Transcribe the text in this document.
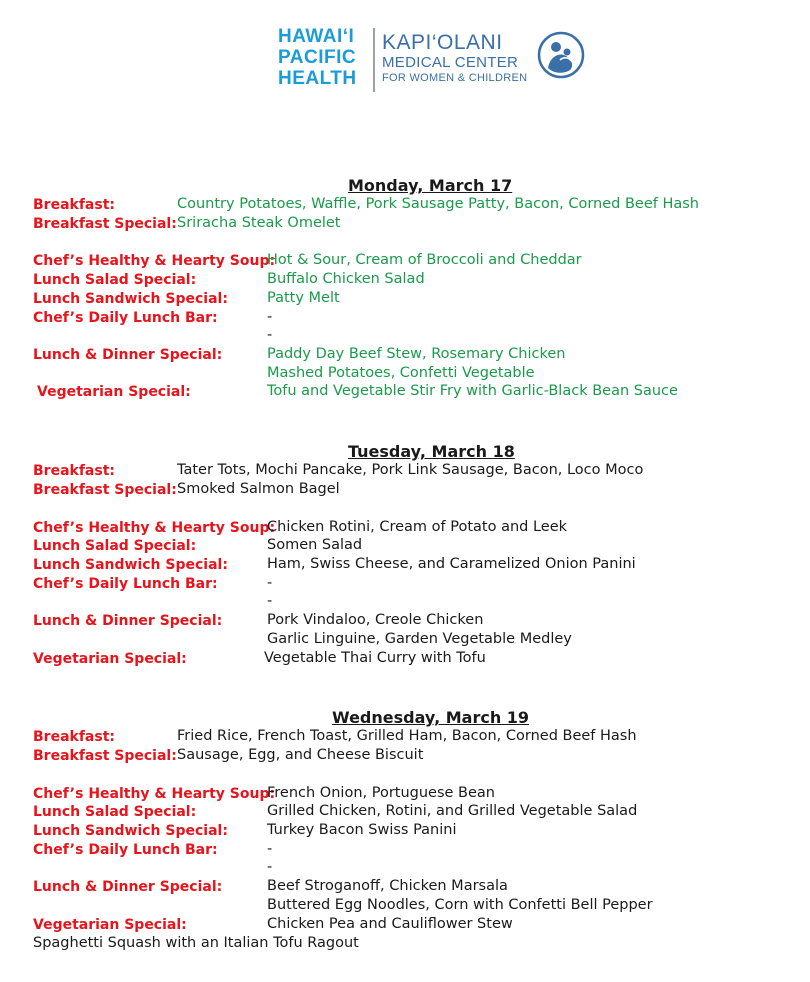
HAWAI‘I
PACIFIC
HEALTH
KAPI‘OLANI
MEDICAL CENTER
FOR WOMEN & CHILDREN
Monday, March 17
Breakfast:	Country Potatoes, Waffle, Pork Sausage Patty, Bacon, Corned Beef Hash
Breakfast Special: Sriracha Steak Omelet
Chef’s Healthy & Hearty Soup:
Hot & Sour, Cream of Broccoli and Cheddar
Lunch Salad Special:	Buffalo Chicken Salad
Lunch Sandwich Special:	Patty Melt
Chef’s Daily Lunch Bar:	-
-
Lunch & Dinner Special:	Paddy Day Beef Stew, Rosemary Chicken
Mashed Potatoes, Confetti Vegetable
Vegetarian Special:	Tofu and Vegetable Stir Fry with Garlic-Black Bean Sauce
Tuesday, March 18
Breakfast:	Tater Tots, Mochi Pancake, Pork Link Sausage, Bacon, Loco Moco
Breakfast Special: Smoked Salmon Bagel
Chef’s Healthy & Hearty Soup:
Chicken Rotini, Cream of Potato and Leek
Lunch Salad Special:	Somen Salad
Lunch Sandwich Special:	Ham, Swiss Cheese, and Caramelized Onion Panini
Chef’s Daily Lunch Bar:	-
-
Lunch & Dinner Special:	Pork Vindaloo, Creole Chicken
Garlic Linguine, Garden Vegetable Medley
Vegetarian Special:	Vegetable Thai Curry with Tofu
Wednesday, March 19
Breakfast:	Fried Rice, French Toast, Grilled Ham, Bacon, Corned Beef Hash
Breakfast Special: Sausage, Egg, and Cheese Biscuit
Chef’s Healthy & Hearty Soup:
French Onion, Portuguese Bean
Lunch Salad Special:	Grilled Chicken, Rotini, and Grilled Vegetable Salad
Lunch Sandwich Special:	Turkey Bacon Swiss Panini
Chef’s Daily Lunch Bar:	-
-
Lunch & Dinner Special:	Beef Stroganoff, Chicken Marsala
Buttered Egg Noodles, Corn with Confetti Bell Pepper
Vegetarian Special:	Chicken Pea and Cauliflower Stew
Spaghetti Squash with an Italian Tofu Ragout
